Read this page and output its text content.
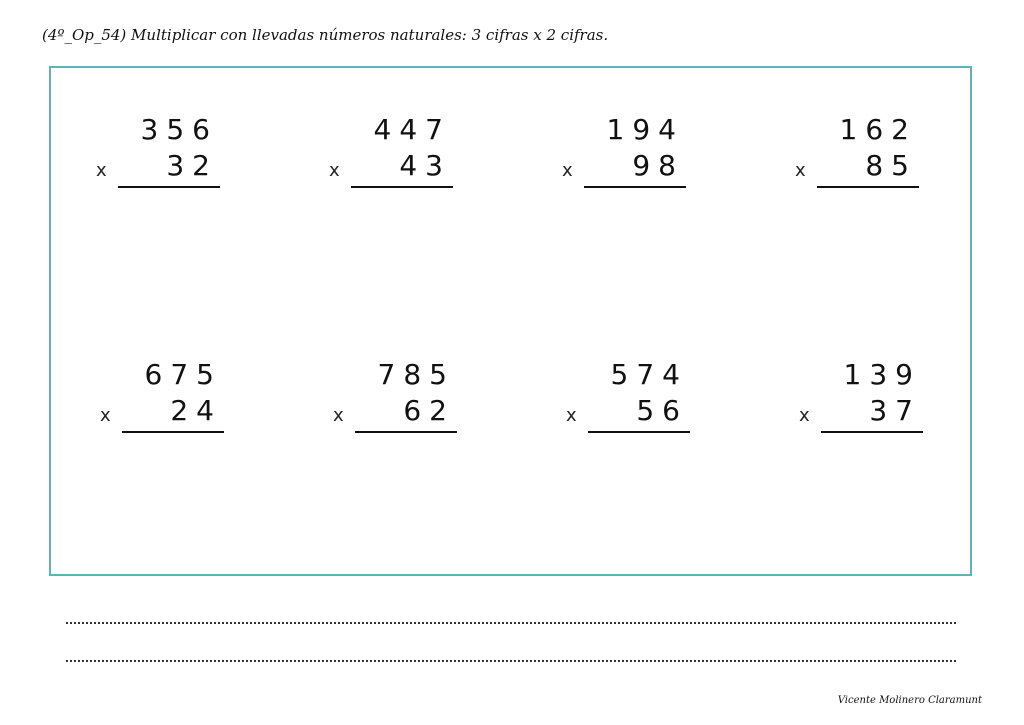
(4º_Op_54) Multiplicar con llevadas números naturales: 3 cifras x 2 cifras.
356
x 32
447
x 43
194
x 98
162
x 85
675
x 24
785
x 62
574
x 56
139
x 37
Vicente Molinero Claramunt
